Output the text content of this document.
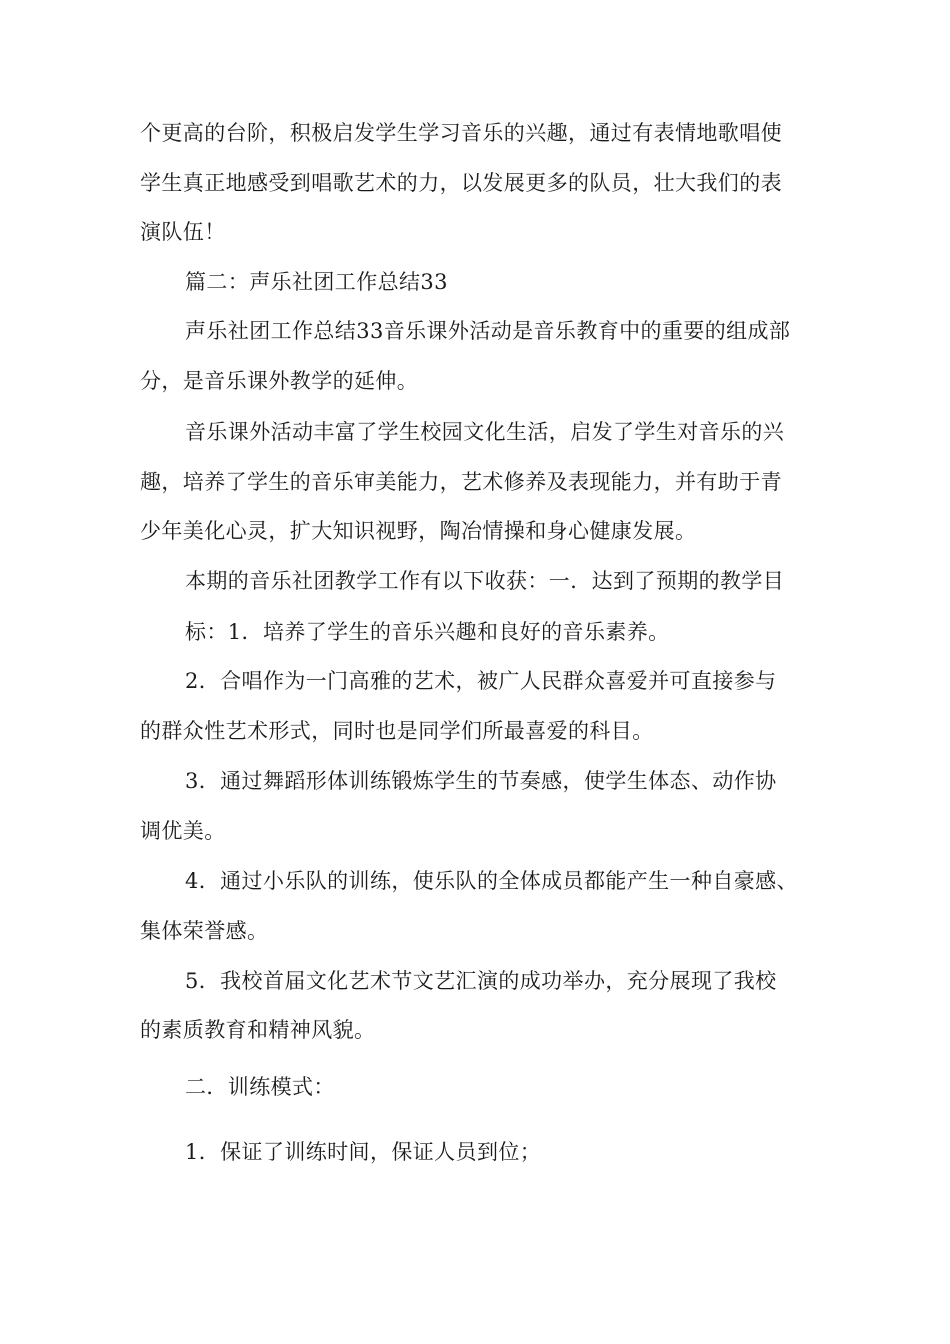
个更高的台阶，积极启发学生学习音乐的兴趣，通过有表情地歌唱使
学生真正地感受到唱歌艺术的力，以发展更多的队员，壮大我们的表
演队伍！
篇二：声乐社团工作总结33
声乐社团工作总结33音乐课外活动是音乐教育中的重要的组成部
分，是音乐课外教学的延伸。
音乐课外活动丰富了学生校园文化生活，启发了学生对音乐的兴
趣，培养了学生的音乐审美能力，艺术修养及表现能力，并有助于青
少年美化心灵，扩大知识视野，陶冶情操和身心健康发展。
本期的音乐社团教学工作有以下收获：一．达到了预期的教学目
标：1．培养了学生的音乐兴趣和良好的音乐素养。
2．合唱作为一门高雅的艺术，被广人民群众喜爱并可直接参与
的群众性艺术形式，同时也是同学们所最喜爱的科目。
3．通过舞蹈形体训练锻炼学生的节奏感，使学生体态、动作协
调优美。
4．通过小乐队的训练，使乐队的全体成员都能产生一种自豪感、
集体荣誉感。
5．我校首届文化艺术节文艺汇演的成功举办，充分展现了我校
的素质教育和精神风貌。
二．训练模式：
1．保证了训练时间，保证人员到位；
